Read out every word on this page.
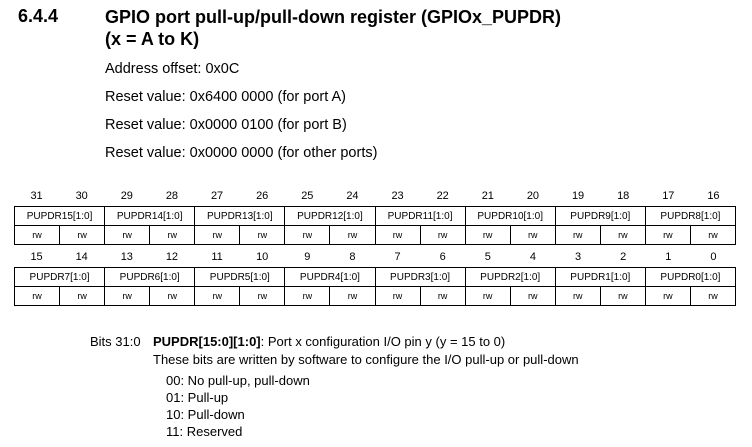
6.4.4	GPIO port pull-up/pull-down register (GPIOx_PUPDR)
(x = A to K)
Address offset: 0x0C
Reset value: 0x6400 0000 (for port A)
Reset value: 0x0000 0100 (for port B)
Reset value: 0x0000 0000 (for other ports)
31	30	29	28	27	26	25	24	23	22	21	20	19	18	17	16
PUPDR15[1:0]		PUPDR14[1:0]		PUPDR13[1:0]		PUPDR12[1:0]		PUPDR11[1:0]		PUPDR10[1:0]		PUPDR9[1:0]		PUPDR8[1:0]	
rw	rw	rw	rw	rw	rw	rw	rw	rw	rw	rw	rw	rw	rw	rw	rw
15	14	13	12	11	10	9	8	7	6	5	4	3	2	1	0
PUPDR7[1:0]		PUPDR6[1:0]		PUPDR5[1:0]		PUPDR4[1:0]		PUPDR3[1:0]		PUPDR2[1:0]		PUPDR1[1:0]		PUPDR0[1:0]	
rw	rw	rw	rw	rw	rw	rw	rw	rw	rw	rw	rw	rw	rw	rw	rw
Bits 31:0 PUPDR[15:0][1:0]: Port x configuration I/O pin y (y = 15 to 0)
These bits are written by software to configure the I/O pull-up or pull-down
00: No pull-up, pull-down
01: Pull-up
10: Pull-down
11: Reserved
